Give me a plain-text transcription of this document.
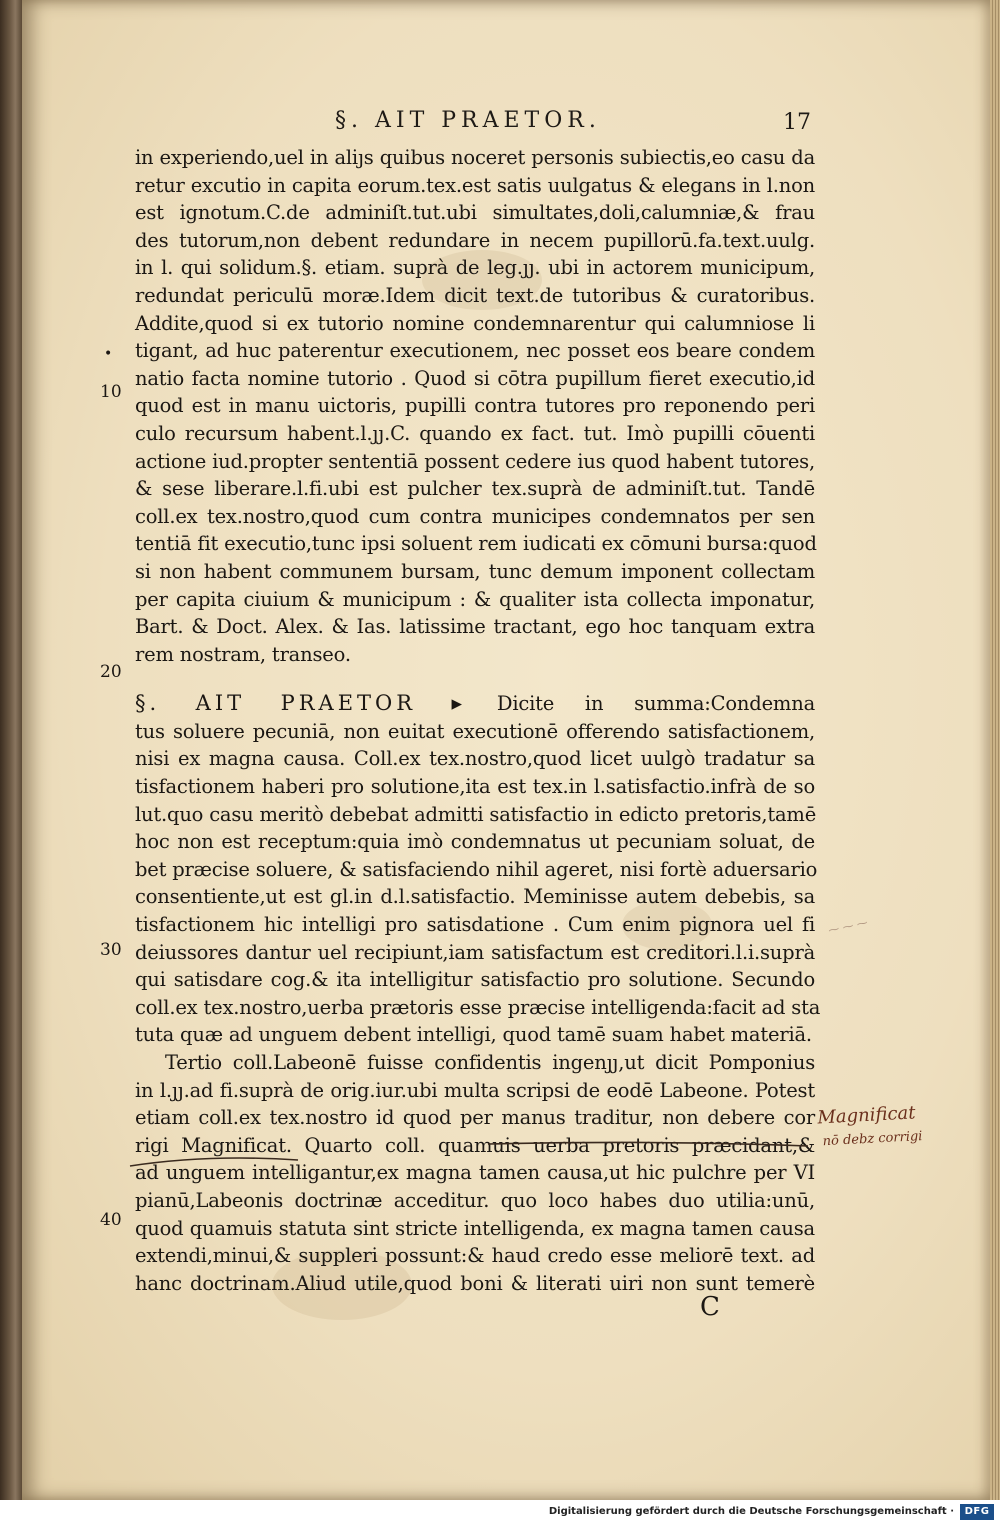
§. AIT PRAETOR.	17
•
10
20
30
40
in experiendo,uel in aliȷs quibus noceret personis subiectis,eo casu da
retur excutio in capita eorum.tex.est satis uulgatus & elegans in l.non
est ignotum.C.de adminiſt.tut.ubi simultates,doli,calumniæ,& frau
des tutorum,non debent redundare in necem pupillorū.fa.text.uulg.
in l. qui solidum.§. etiam. suprà de leg.ȷȷ. ubi in actorem municipum,
redundat periculū moræ.Idem dicit text.de tutoribus & curatoribus.
Addite,quod si ex tutorio nomine condemnarentur qui calumniose li
tigant, ad huc paterentur executionem, nec posset eos beare condem
natio facta nomine tutorio . Quod si cōtra pupillum fieret executio,id
quod est in manu uictoris, pupilli contra tutores pro reponendo peri
culo recursum habent.l.ȷȷ.C. quando ex fact. tut. Imò pupilli cōuenti
actione iud.propter sententiā possent cedere ius quod habent tutores,
& sese liberare.l.fi.ubi est pulcher tex.suprà de adminiſt.tut. Tandē
coll.ex tex.nostro,quod cum contra municipes condemnatos per sen
tentiā fit executio,tunc ipsi soluent rem iudicati ex cōmuni bursa:quod
si non habent communem bursam, tunc demum imponent collectam
per capita ciuium & municipum : & qualiter ista collecta imponatur,
Bart. & Doct. Alex. & Ias. latissime tractant, ego hoc tanquam extra
rem nostram, transeo.
§. AIT PRAETOR ▸ Dicite in summa:Condemna
tus soluere pecuniā, non euitat executionē offerendo satisfactionem,
nisi ex magna causa. Coll.ex tex.nostro,quod licet uulgò tradatur sa
tisfactionem haberi pro solutione,ita est tex.in l.satisfactio.infrà de so
lut.quo casu meritò debebat admitti satisfactio in edicto pretoris,tamē
hoc non est receptum:quia imò condemnatus ut pecuniam soluat, de
bet præcise soluere, & satisfaciendo nihil ageret, nisi fortè aduersario
consentiente,ut est gl.in d.l.satisfactio. Meminisse autem debebis, sa
tisfactionem hic intelligi pro satisdatione . Cum enim pignora uel fi
deiussores dantur uel recipiunt,iam satisfactum est creditori.l.i.suprà
qui satisdare cog.& ita intelligitur satisfactio pro solutione. Secundo
coll.ex tex.nostro,uerba prætoris esse præcise intelligenda:facit ad sta
tuta quæ ad unguem debent intelligi, quod tamē suam habet materiā.
Tertio coll.Labeonē fuisse confidentis ingenȷȷ,ut dicit Pomponius
in l.ȷȷ.ad fi.suprà de orig.iur.ubi multa scripsi de eodē Labeone. Potest
etiam coll.ex tex.nostro id quod per manus traditur, non debere cor
rigi Magnificat. Quarto coll. quamuis uerba pretoris præcidant,&
ad unguem intelligantur,ex magna tamen causa,ut hic pulchre per VI
pianū,Labeonis doctrinæ acceditur. quo loco habes duo utilia:unū,
quod quamuis statuta sint stricte intelligenda, ex magna tamen causa
extendi,minui,& suppleri possunt:& haud credo esse meliorē text. ad
hanc doctrinam.Aliud utile,quod boni & literati uiri non sunt temerè
⁓ ⁓ ⁓
Magnificat
nō debz corrigi
C
Digitalisierung gefördert durch die Deutsche Forschungsgemeinschaft ·	DFG
